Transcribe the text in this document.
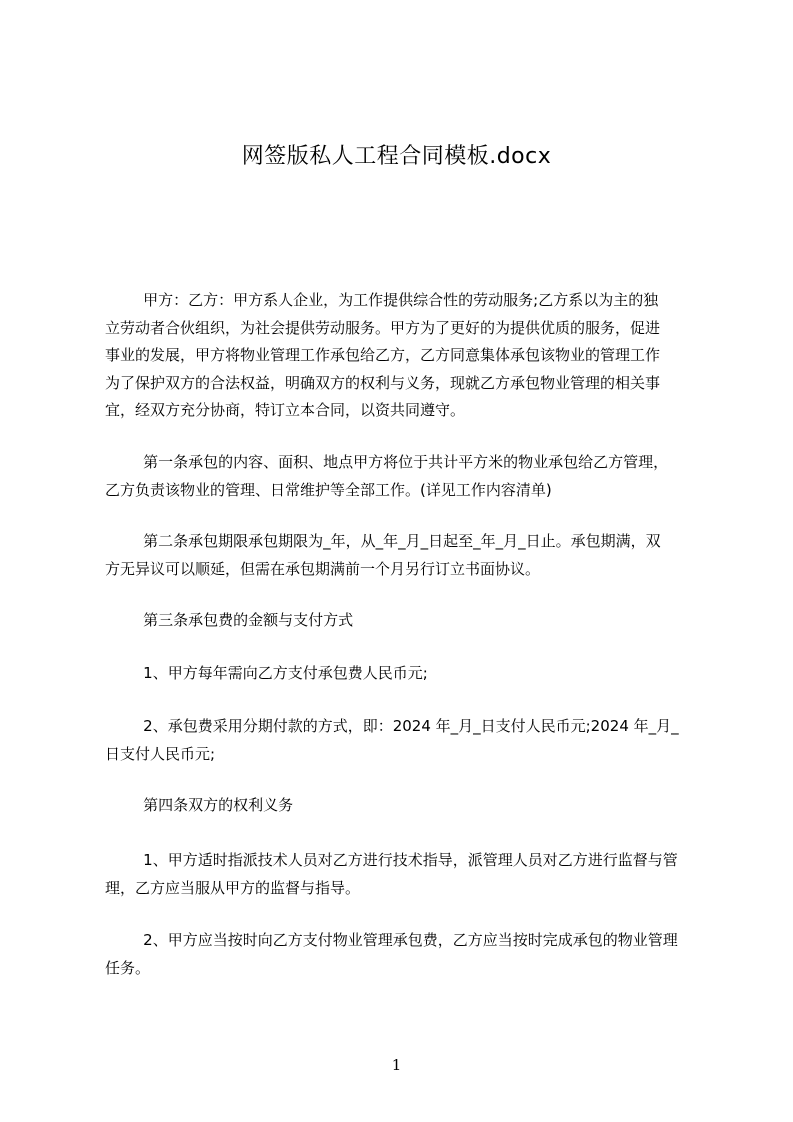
网签版私人工程合同模板.docx

甲方：乙方：甲方系人企业，为工作提供综合性的劳动服务;乙方系以为主的独
立劳动者合伙组织，为社会提供劳动服务。甲方为了更好的为提供优质的服务，促进
事业的发展，甲方将物业管理工作承包给乙方，乙方同意集体承包该物业的管理工作
为了保护双方的合法权益，明确双方的权利与义务，现就乙方承包物业管理的相关事
宜，经双方充分协商，特订立本合同，以资共同遵守。

第一条承包的内容、面积、地点甲方将位于共计平方米的物业承包给乙方管理，
乙方负责该物业的管理、日常维护等全部工作。(详见工作内容清单)

第二条承包期限承包期限为_年，从_年_月_日起至_年_月_日止。承包期满，双
方无异议可以顺延，但需在承包期满前一个月另行订立书面协议。

第三条承包费的金额与支付方式

1、甲方每年需向乙方支付承包费人民币元;

2、承包费采用分期付款的方式，即：2024 年_月_日支付人民币元;2024 年_月_
日支付人民币元;

第四条双方的权利义务

1、甲方适时指派技术人员对乙方进行技术指导，派管理人员对乙方进行监督与管
理，乙方应当服从甲方的监督与指导。

2、甲方应当按时向乙方支付物业管理承包费，乙方应当按时完成承包的物业管理
任务。

1
